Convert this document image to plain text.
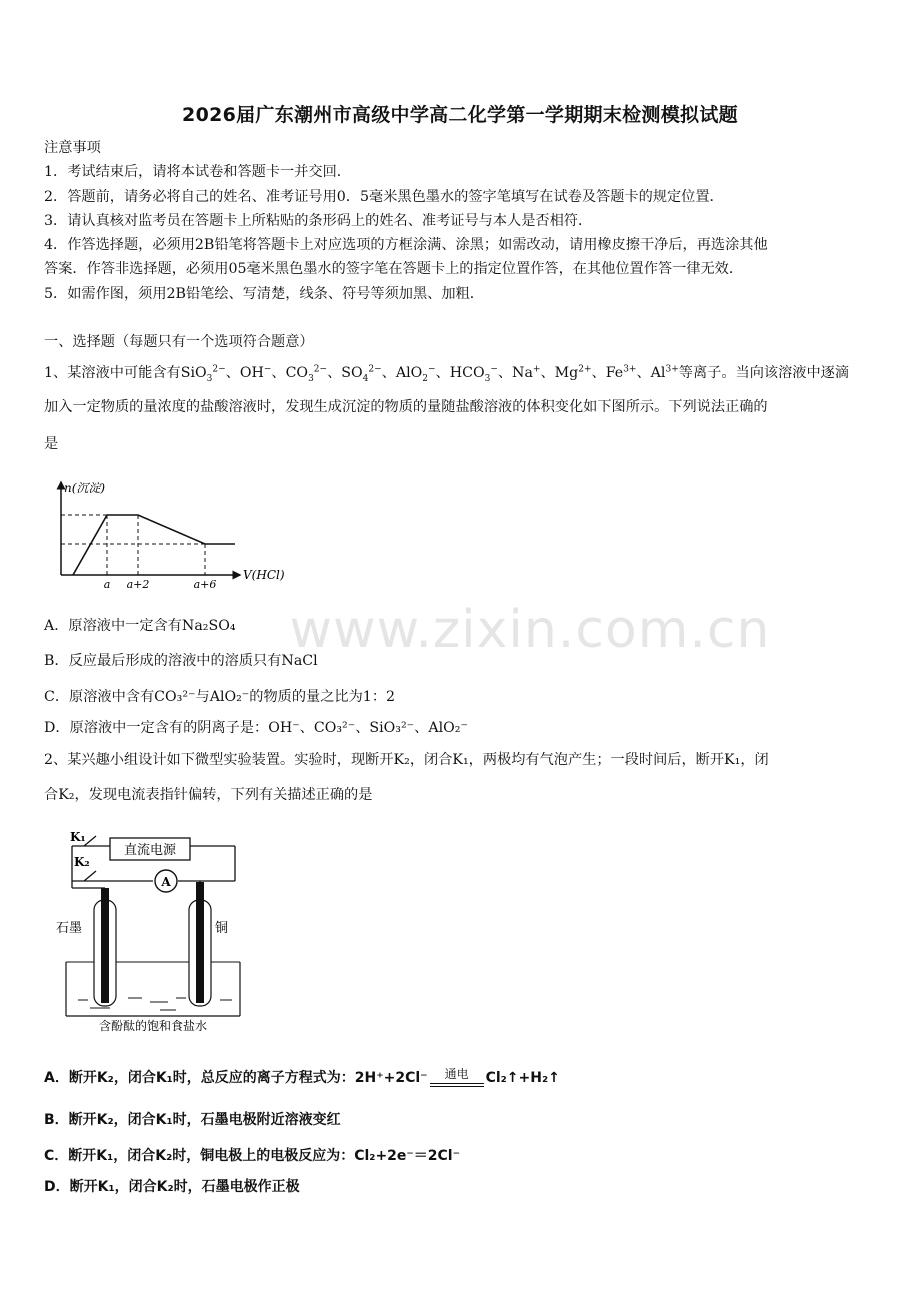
2026届广东潮州市高级中学高二化学第一学期期末检测模拟试题
注意事项
1．考试结束后，请将本试卷和答题卡一并交回．
2．答题前，请务必将自己的姓名、准考证号用0．5毫米黑色墨水的签字笔填写在试卷及答题卡的规定位置．
3．请认真核对监考员在答题卡上所粘贴的条形码上的姓名、准考证号与本人是否相符．
4．作答选择题，必须用2B铅笔将答题卡上对应选项的方框涂满、涂黑；如需改动，请用橡皮擦干净后，再选涂其他
答案．作答非选择题，必须用05毫米黑色墨水的签字笔在答题卡上的指定位置作答，在其他位置作答一律无效．
5．如需作图，须用2B铅笔绘、写清楚，线条、符号等须加黑、加粗．
一、选择题（每题只有一个选项符合题意）
1、某溶液中可能含有SiO$_3^{2-}$、OH−、$CO_3^{2-}$、$SO_4^{2-}$、AlO$_2$−、$HCO_3^-$、Na+、$Mg^{2+}$、$Fe^{3+}$、$Al^{3+}$等离子。当向该溶液中逐滴
加入一定物质的量浓度的盐酸溶液时，发现生成沉淀的物质的量随盐酸溶液的体积变化如下图所示。下列说法正确的
是
n(沉淀)
V(HCl)
a a+2	a+6
A．原溶液中一定含有Na₂SO₄
B．反应最后形成的溶液中的溶质只有NaCl
C．原溶液中含有CO₃²⁻与AlO₂⁻的物质的量之比为1：2
D．原溶液中一定含有的阴离子是：OH⁻、CO₃²⁻、SiO₃²⁻、AlO₂⁻
2、某兴趣小组设计如下微型实验装置。实验时，现断开K₂，闭合K₁，两极均有气泡产生；一段时间后，断开K₁，闭
合K₂，发现电流表指针偏转，下列有关描述正确的是
K₁
K₂
直流电源
A
石墨	铜
含酚酞的饱和食盐水
A．断开K₂，闭合K₁时，总反应的离子方程式为：2H⁺+2Cl⁻	通电	Cl₂↑+H₂↑
B．断开K₂，闭合K₁时，石墨电极附近溶液变红
C．断开K₁，闭合K₂时，铜电极上的电极反应为：Cl₂+2e⁻＝2Cl⁻
D．断开K₁，闭合K₂时，石墨电极作正极
www.zixin.com.cn
